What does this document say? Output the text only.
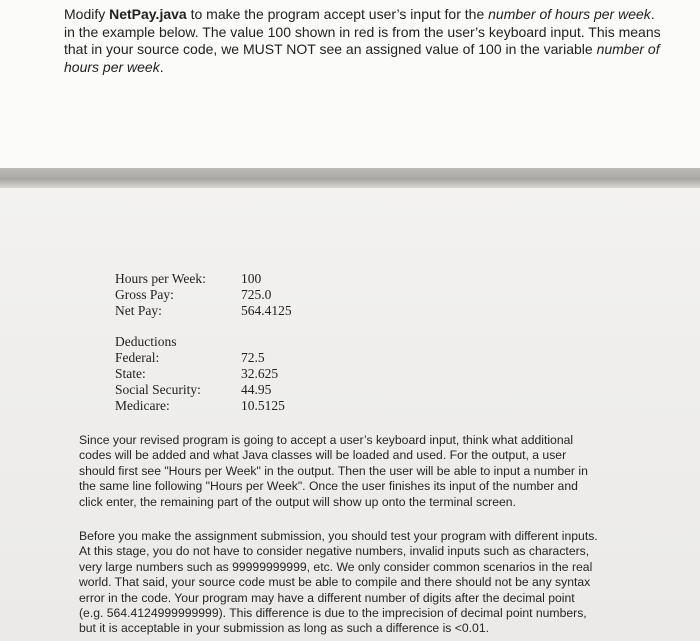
Modify NetPay.java to make the program accept user’s input for the number of hours per week. in the example below. The value 100 shown in red is from the user’s keyboard input. This means that in your source code, we MUST NOT see an assigned value of 100 in the variable number of hours per week.

Hours per Week:	100
Gross Pay:	725.0
Net Pay:	564.4125
Deductions
Federal:	72.5
State:	32.625
Social Security:	44.95
Medicare:	10.5125

Since your revised program is going to accept a user’s keyboard input, think what additional codes will be added and what Java classes will be loaded and used. For the output, a user should first see "Hours per Week" in the output. Then the user will be able to input a number in the same line following "Hours per Week". Once the user finishes its input of the number and click enter, the remaining part of the output will show up onto the terminal screen.

Before you make the assignment submission, you should test your program with different inputs. At this stage, you do not have to consider negative numbers, invalid inputs such as characters, very large numbers such as 99999999999, etc. We only consider common scenarios in the real world. That said, your source code must be able to compile and there should not be any syntax error in the code. Your program may have a different number of digits after the decimal point (e.g. 564.4124999999999). This difference is due to the imprecision of decimal point numbers, but it is acceptable in your submission as long as such a difference is <0.01.
